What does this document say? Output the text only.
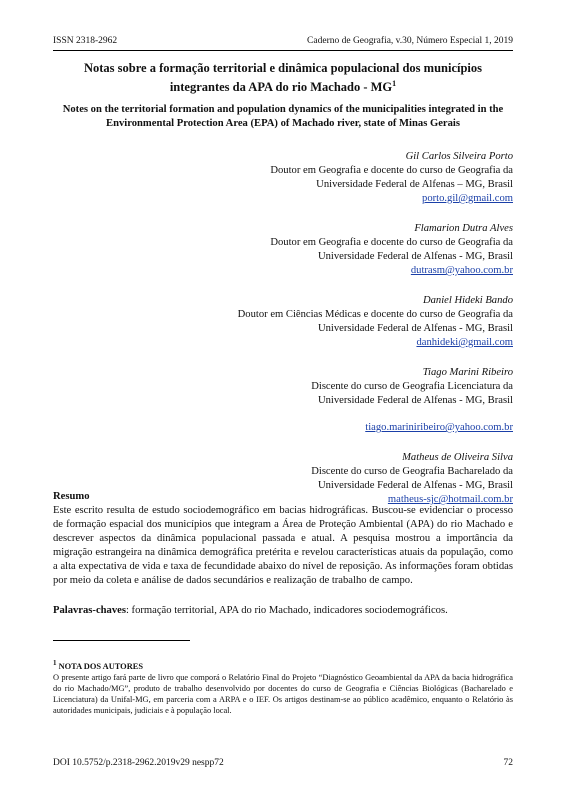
ISSN 2318-2962	Caderno de Geografia, v.30, Número Especial 1, 2019
Notas sobre a formação territorial e dinâmica populacional dos municípios integrantes da APA do rio Machado - $MG^1$
Notes on the territorial formation and population dynamics of the municipalities integrated in the Environmental Protection Area (EPA) of Machado river, state of Minas Gerais
Gil Carlos Silveira Porto
Doutor em Geografia e docente do curso de Geografia da
Universidade Federal de Alfenas – MG, Brasil
porto.gil@gmail.com
Flamarion Dutra Alves
Doutor em Geografia e docente do curso de Geografia da
Universidade Federal de Alfenas - MG, Brasil
dutrasm@yahoo.com.br
Daniel Hideki Bando
Doutor em Ciências Médicas e docente do curso de Geografia da
Universidade Federal de Alfenas - MG, Brasil
danhideki@gmail.com
Tiago Marini Ribeiro
Discente do curso de Geografia Licenciatura da
Universidade Federal de Alfenas - MG, Brasil
tiago.mariniribeiro@yahoo.com.br
Matheus de Oliveira Silva
Discente do curso de Geografia Bacharelado da
Universidade Federal de Alfenas - MG, Brasil
matheus-sjc@hotmail.com.br
Resumo

Este escrito resulta de estudo sociodemográfico em bacias hidrográficas. Buscou-se evidenciar o processo de formação espacial dos municípios que integram a Área de Proteção Ambiental (APA) do rio Machado e descrever aspectos da dinâmica populacional passada e atual. A pesquisa mostrou a importância da migração estrangeira na dinâmica demográfica pretérita e revelou características atuais da população, como a alta expectativa de vida e taxa de fecundidade abaixo do nível de reposição. As informações foram obtidas por meio da coleta e análise de dados secundários e realização de trabalho de campo.

Palavras-chaves: formação territorial, APA do rio Machado, indicadores sociodemográficos.
$^1$ NOTA DOS AUTORES
O presente artigo fará parte de livro que comporá o Relatório Final do Projeto “Diagnóstico Geoambiental da APA da bacia hidrográfica do rio Machado/MG”, produto de trabalho desenvolvido por docentes do curso de Geografia e Ciências Biológicas (Bacharelado e Licenciatura) da Unifal-MG, em parceria com a ARPA e o IEF. Os artigos destinam-se ao público acadêmico, enquanto o Relatório às autoridades municipais, judiciais e à população local.
DOI 10.5752/p.2318-2962.2019v29 nespp72	72
